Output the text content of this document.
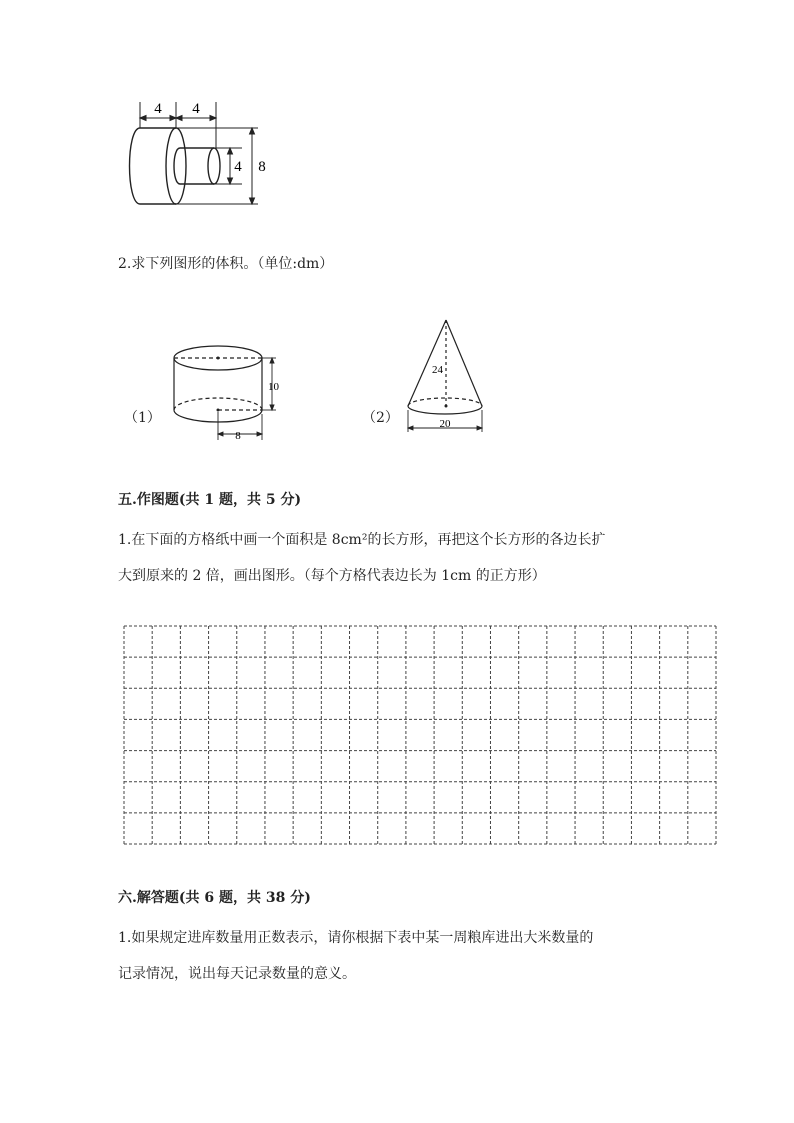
4 4
4 8
2.求下列图形的体积。（单位:dm）
（1）
10
8
（2）
24
20
五.作图题(共 1 题，共 5 分)
1.在下面的方格纸中画一个面积是 8cm²的长方形，再把这个长方形的各边长扩
大到原来的 2 倍，画出图形。（每个方格代表边长为 1cm 的正方形）
六.解答题(共 6 题，共 38 分)
1.如果规定进库数量用正数表示，请你根据下表中某一周粮库进出大米数量的
记录情况，说出每天记录数量的意义。
